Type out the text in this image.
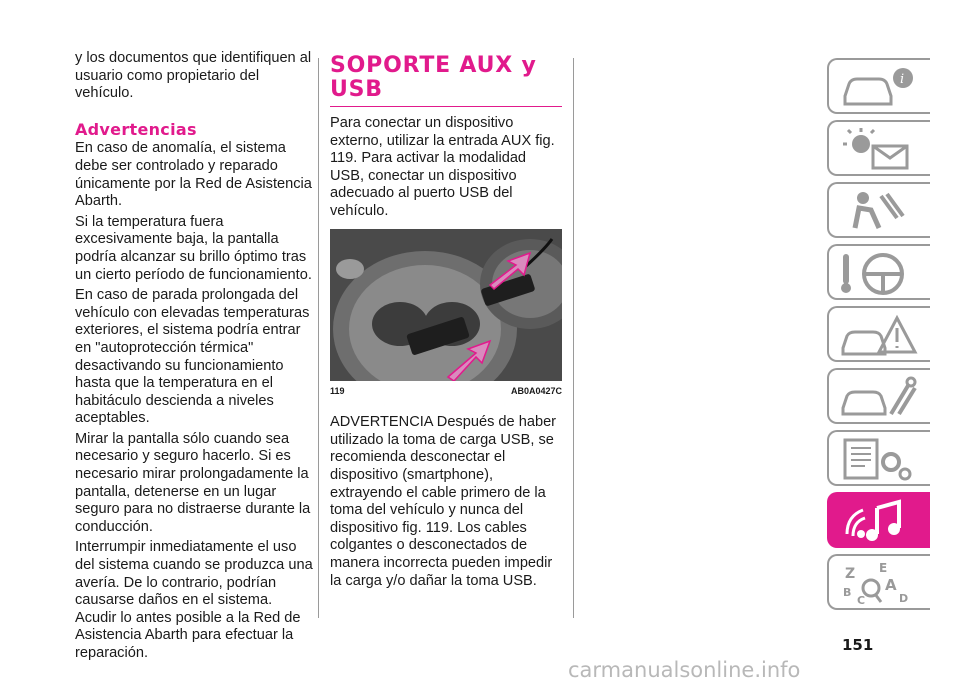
y los documentos que identifiquen al usuario como propietario del vehículo.

Advertencias

En caso de anomalía, el sistema debe ser controlado y reparado únicamente por la Red de Asistencia Abarth.

Si la temperatura fuera excesivamente baja, la pantalla podría alcanzar su brillo óptimo tras un cierto período de funcionamiento.

En caso de parada prolongada del vehículo con elevadas temperaturas exteriores, el sistema podría entrar en "autoprotección térmica" desactivando su funcionamiento hasta que la temperatura en el habitáculo descienda a niveles aceptables.

Mirar la pantalla sólo cuando sea necesario y seguro hacerlo. Si es necesario mirar prolongadamente la pantalla, detenerse en un lugar seguro para no distraerse durante la conducción.

Interrumpir inmediatamente el uso del sistema cuando se produzca una avería. De lo contrario, podrían causarse daños en el sistema. Acudir lo antes posible a la Red de Asistencia Abarth para efectuar la reparación.

SOPORTE AUX y USB

Para conectar un dispositivo externo, utilizar la entrada AUX fig. 119. Para activar la modalidad USB, conectar un dispositivo adecuado al puerto USB del vehículo.

119	AB0A0427C

ADVERTENCIA Después de haber utilizado la toma de carga USB, se recomienda desconectar el dispositivo (smartphone), extrayendo el cable primero de la toma del vehículo y nunca del dispositivo fig. 119. Los cables colgantes o desconectados de manera incorrecta pueden impedir la carga y/o dañar la toma USB.

i
Z E
B A
C	D
151
carmanualsonline.info
